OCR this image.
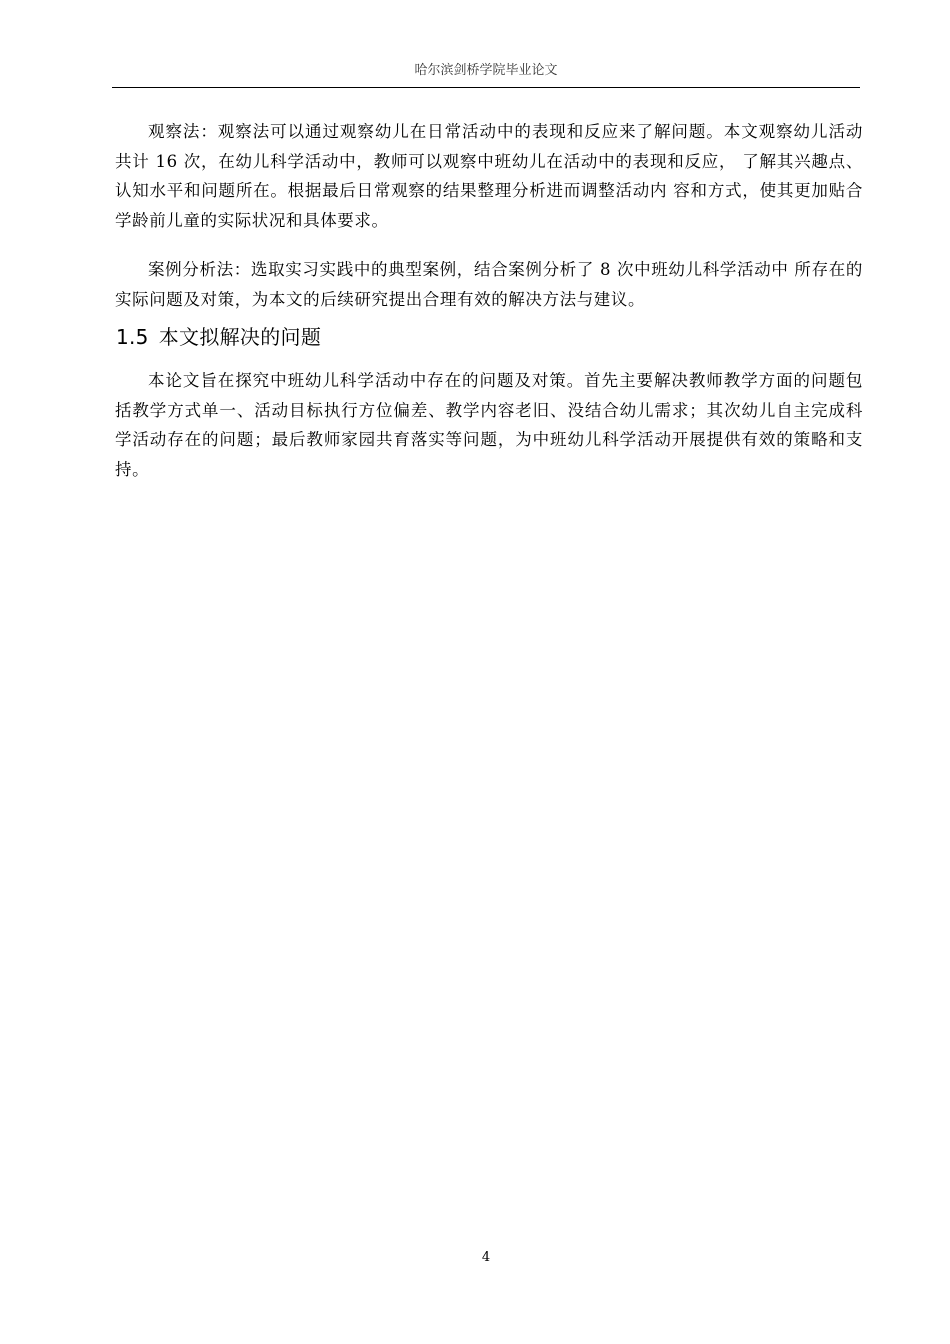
哈尔滨剑桥学院毕业论文

观察法：观察法可以通过观察幼儿在日常活动中的表现和反应来了解问题。本文观察幼儿活动共计 16 次，在幼儿科学活动中，教师可以观察中班幼儿在活动中的表现和反应， 了解其兴趣点、认知水平和问题所在。根据最后日常观察的结果整理分析进而调整活动内 容和方式，使其更加贴合学龄前儿童的实际状况和具体要求。

案例分析法：选取实习实践中的典型案例，结合案例分析了 8 次中班幼儿科学活动中 所存在的实际问题及对策，为本文的后续研究提出合理有效的解决方法与建议。

1.5 本文拟解决的问题

本论文旨在探究中班幼儿科学活动中存在的问题及对策。首先主要解决教师教学方面的问题包括教学方式单一、活动目标执行方位偏差、教学内容老旧、没结合幼儿需求；其次幼儿自主完成科学活动存在的问题；最后教师家园共育落实等问题，为中班幼儿科学活动开展提供有效的策略和支持。

4
